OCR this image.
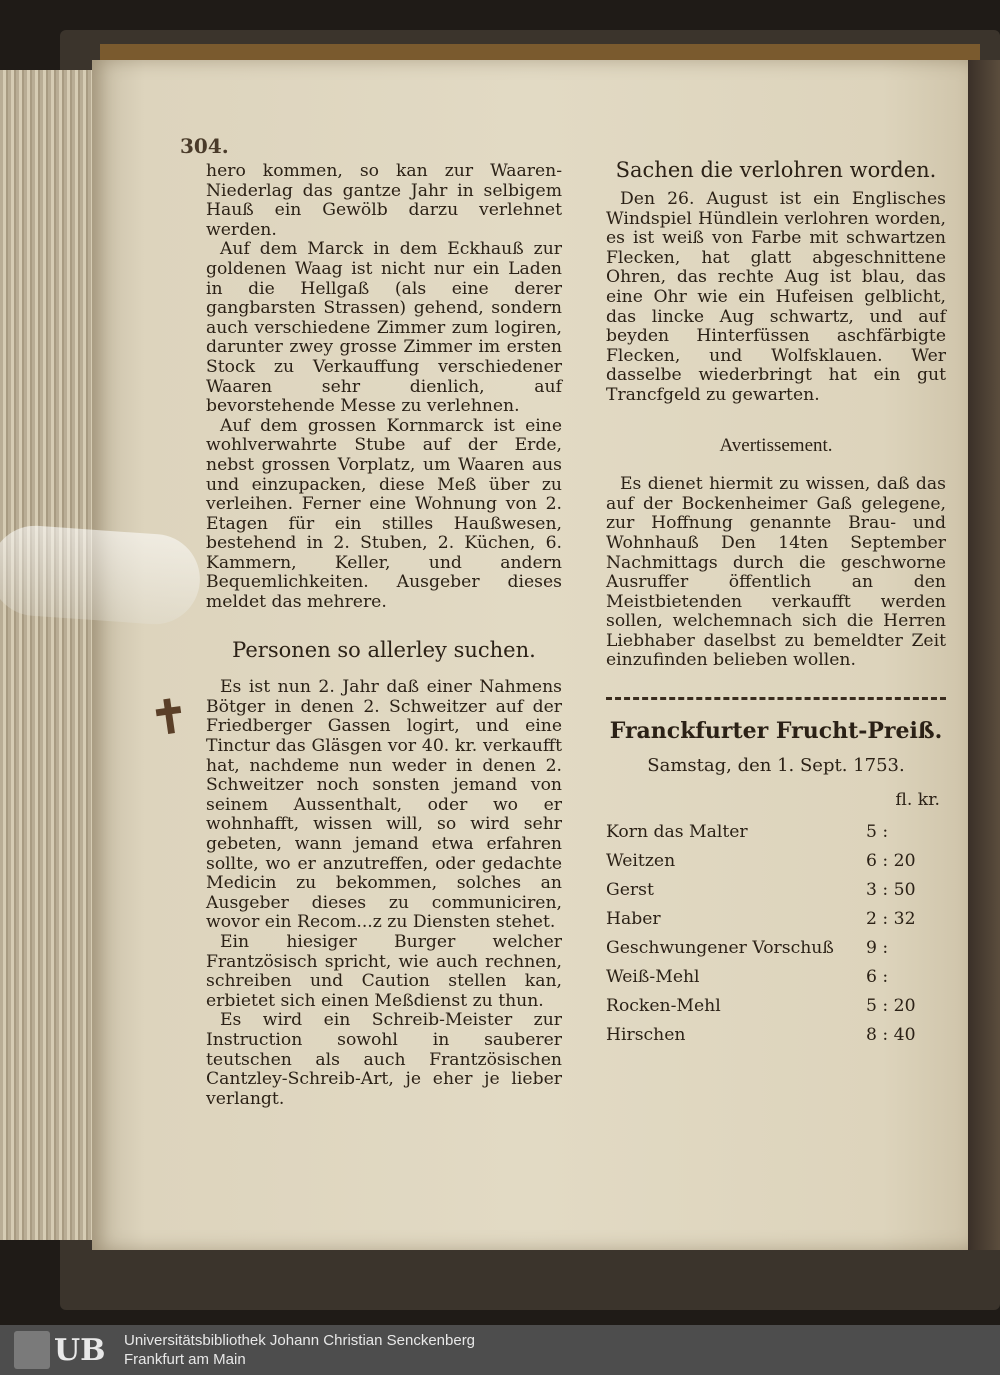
304.

hero kommen, so kan zur Waaren-Niederlag das gantze Jahr in selbigem Hauß ein Gewölb darzu verlehnet werden.

Auf dem Marck in dem Eckhauß zur goldenen Waag ist nicht nur ein Laden in die Hellgaß (als eine derer gangbarsten Strassen) gehend, sondern auch verschiedene Zimmer zum logiren, darunter zwey grosse Zimmer im ersten Stock zu Verkauffung verschiedener Waaren sehr dienlich, auf bevorstehende Messe zu verlehnen.

Auf dem grossen Kornmarck ist eine wohlverwahrte Stube auf der Erde, nebst grossen Vorplatz, um Waaren aus und einzupacken, diese Meß über zu verleihen. Ferner eine Wohnung von 2. Etagen für ein stilles Haußwesen, bestehend in 2. Stuben, 2. Küchen, 6. Kammern, Keller, und andern Bequemlichkeiten. Ausgeber dieses meldet das mehrere.

Personen so allerley suchen.

Es ist nun 2. Jahr daß einer Nahmens Bötger in denen 2. Schweitzer auf der Friedberger Gassen logirt, und eine Tinctur das Gläsgen vor 40. kr. verkaufft hat, nachdeme nun weder in denen 2. Schweitzer noch sonsten jemand von seinem Aussenthalt, oder wo er wohnhafft, wissen will, so wird sehr gebeten, wann jemand etwa erfahren sollte, wo er anzutreffen, oder gedachte Medicin zu bekommen, solches an Ausgeber dieses zu communiciren, wovor ein Recom...z zu Diensten stehet.

Ein hiesiger Burger welcher Frantzösisch spricht, wie auch rechnen, schreiben und Caution stellen kan, erbietet sich einen Meßdienst zu thun.

Es wird ein Schreib-Meister zur Instruction sowohl in sauberer teutschen als auch Frantzösischen Cantzley-Schreib-Art, je eher je lieber verlangt.

Sachen die verlohren worden.

Den 26. August ist ein Englisches Windspiel Hündlein verlohren worden, es ist weiß von Farbe mit schwartzen Flecken, hat glatt abgeschnittene Ohren, das rechte Aug ist blau, das eine Ohr wie ein Hufeisen gelblicht, das lincke Aug schwartz, und auf beyden Hinterfüssen aschfärbigte Flecken, und Wolfsklauen. Wer dasselbe wiederbringt hat ein gut Trancfgeld zu gewarten.

Avertissement.

Es dienet hiermit zu wissen, daß das auf der Bockenheimer Gaß gelegene, zur Hoffnung genannte Brau- und Wohnhauß Den 14ten September Nachmittags durch die geschworne Ausruffer öffentlich an den Meistbietenden verkaufft werden sollen, welchemnach sich die Herren Liebhaber daselbst zu bemeldter Zeit einzufinden belieben wollen.

Franckfurter Frucht-Preiß.
Samstag, den 1. Sept. 1753.
fl. kr.
Korn das Malter	5 :
Weitzen	6 : 20
Gerst	3 : 50
Haber	2 : 32
Geschwungener Vorschuß	9 :
Weiß-Mehl	6 :
Rocken-Mehl	5 : 20
Hirschen	8 : 40
✝
UB Universitätsbibliothek Johann Christian Senckenberg
Frankfurt am Main
